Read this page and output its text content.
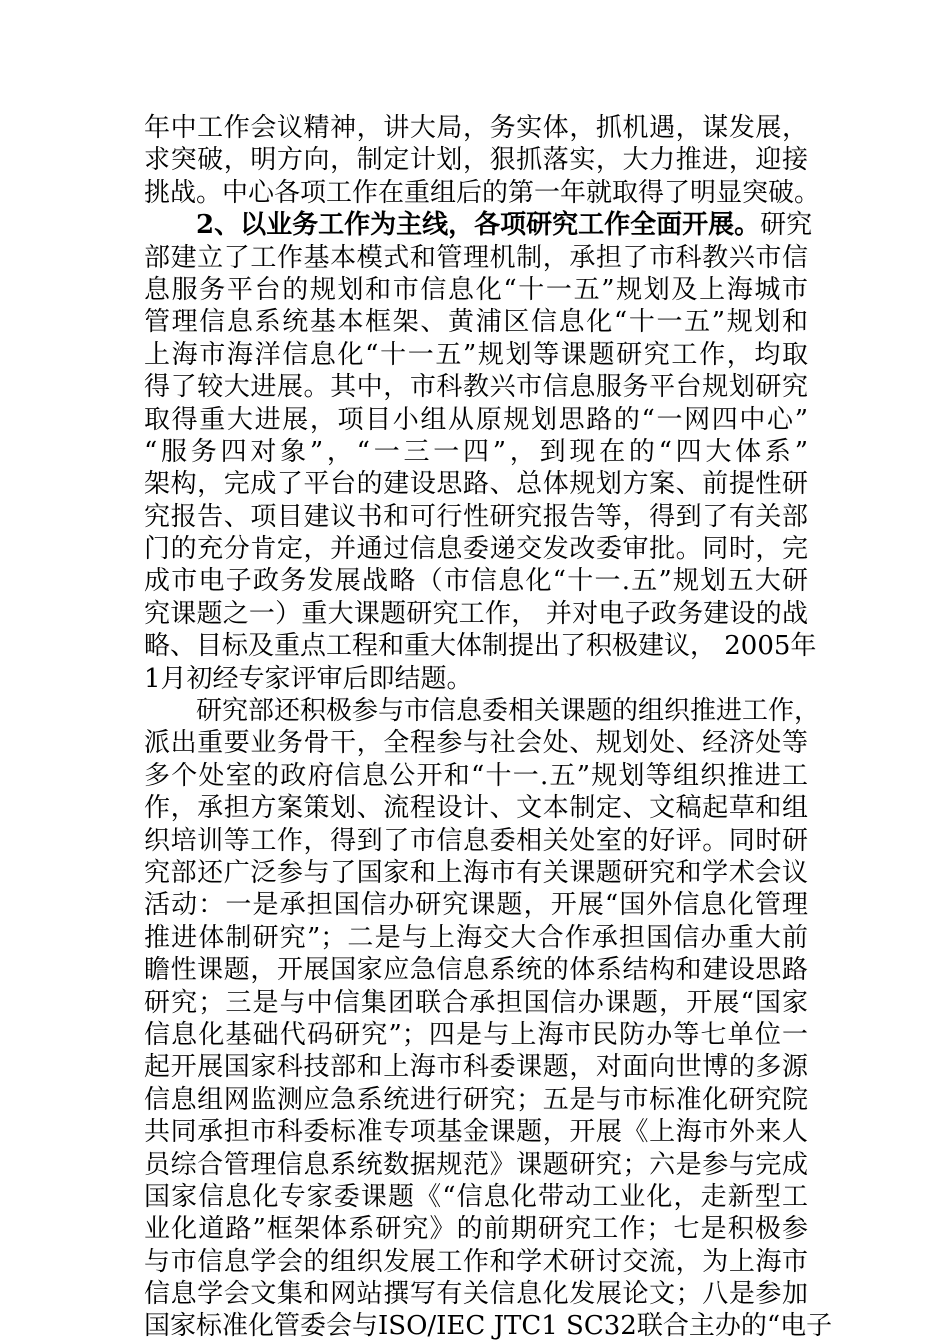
年中工作会议精神，讲大局，务实体，抓机遇，谋发展，
求突破，明方向，制定计划，狠抓落实，大力推进，迎接
挑战。中心各项工作在重组后的第一年就取得了明显突破。
2、以业务工作为主线，各项研究工作全面开展。研究
部建立了工作基本模式和管理机制，承担了市科教兴市信
息服务平台的规划和市信息化“十一五”规划及上海城市
管理信息系统基本框架、黄浦区信息化“十一五”规划和
上海市海洋信息化“十一五”规划等课题研究工作，均取
得了较大进展。其中，市科教兴市信息服务平台规划研究
取得重大进展，项目小组从原规划思路的“一网四中心”
“服务四对象”，“一三一四”，到现在的“四大体系”
架构，完成了平台的建设思路、总体规划方案、前提性研
究报告、项目建议书和可行性研究报告等，得到了有关部
门的充分肯定，并通过信息委递交发改委审批。同时，完
成市电子政务发展战略（市信息化“十一.五”规划五大研
究课题之一）重大课题研究工作， 并对电子政务建设的战
略、目标及重点工程和重大体制提出了积极建议， 2005年
1月初经专家评审后即结题。
研究部还积极参与市信息委相关课题的组织推进工作，
派出重要业务骨干，全程参与社会处、规划处、经济处等
多个处室的政府信息公开和“十一.五”规划等组织推进工
作，承担方案策划、流程设计、文本制定、文稿起草和组
织培训等工作，得到了市信息委相关处室的好评。同时研
究部还广泛参与了国家和上海市有关课题研究和学术会议
活动：一是承担国信办研究课题，开展“国外信息化管理
推进体制研究”；二是与上海交大合作承担国信办重大前
瞻性课题，开展国家应急信息系统的体系结构和建设思路
研究；三是与中信集团联合承担国信办课题，开展“国家
信息化基础代码研究”；四是与上海市民防办等七单位一
起开展国家科技部和上海市科委课题，对面向世博的多源
信息组网监测应急系统进行研究；五是与市标准化研究院
共同承担市科委标准专项基金课题，开展《上海市外来人
员综合管理信息系统数据规范》课题研究；六是参与完成
国家信息化专家委课题《“信息化带动工业化，走新型工
业化道路”框架体系研究》的前期研究工作；七是积极参
与市信息学会的组织发展工作和学术研讨交流，为上海市
信息学会文集和网站撰写有关信息化发展论文；八是参加
国家标准化管委会与ISO/IEC JTC1 SC32联合主办的“电子
